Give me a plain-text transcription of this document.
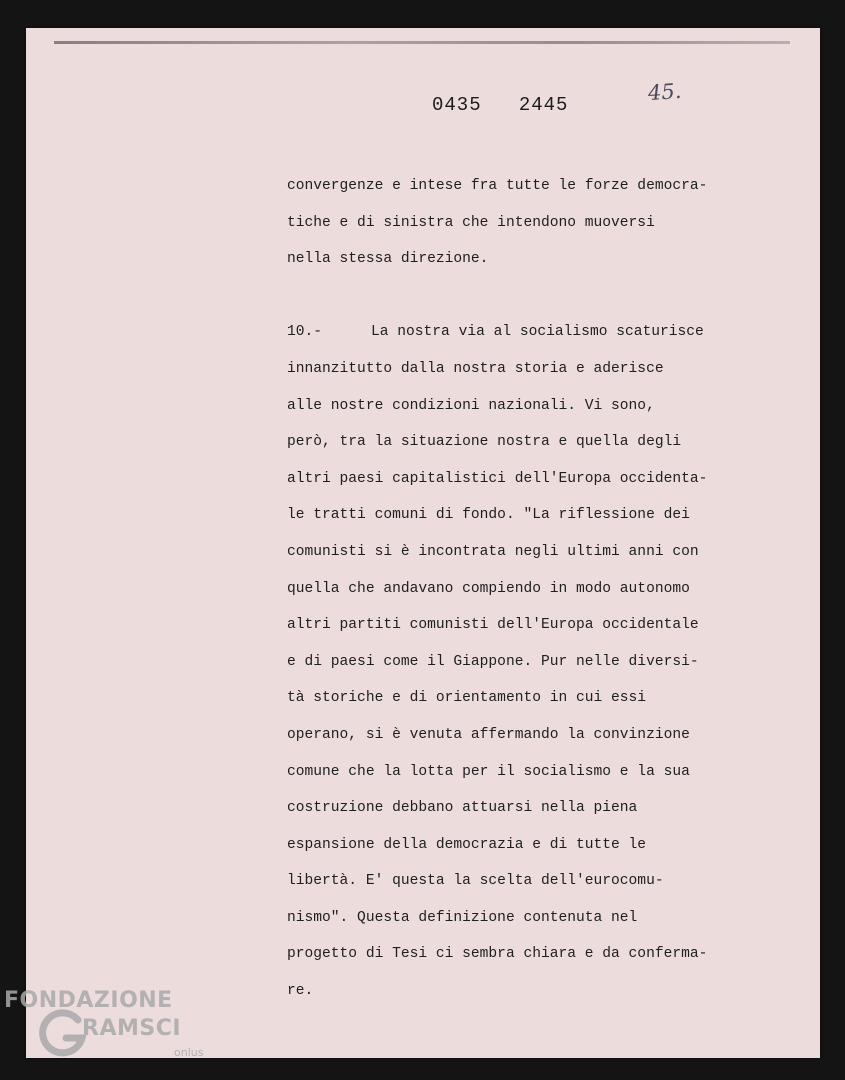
0435   2445	45.
convergenze e intese fra tutte le forze democra-
tiche e di sinistra che intendono muoversi
nella stessa direzione.
10.-	La nostra via al socialismo scaturisce
innanzitutto dalla nostra storia e aderisce
alle nostre condizioni nazionali. Vi sono,
però, tra la situazione nostra e quella degli
altri paesi capitalistici dell'Europa occidenta-
le tratti comuni di fondo. "La riflessione dei
comunisti si è incontrata negli ultimi anni con
quella che andavano compiendo in modo autonomo
altri partiti comunisti dell'Europa occidentale
e di paesi come il Giappone. Pur nelle diversi-
tà storiche e di orientamento in cui essi
operano, si è venuta affermando la convinzione
comune che la lotta per il socialismo e la sua
costruzione debbano attuarsi nella piena
espansione della democrazia e di tutte le
libertà. E' questa la scelta dell'eurocomu-
nismo". Questa definizione contenuta nel
progetto di Tesi ci sembra chiara e da conferma-
re.
FONDAZIONE
RAMSCI
onlus
